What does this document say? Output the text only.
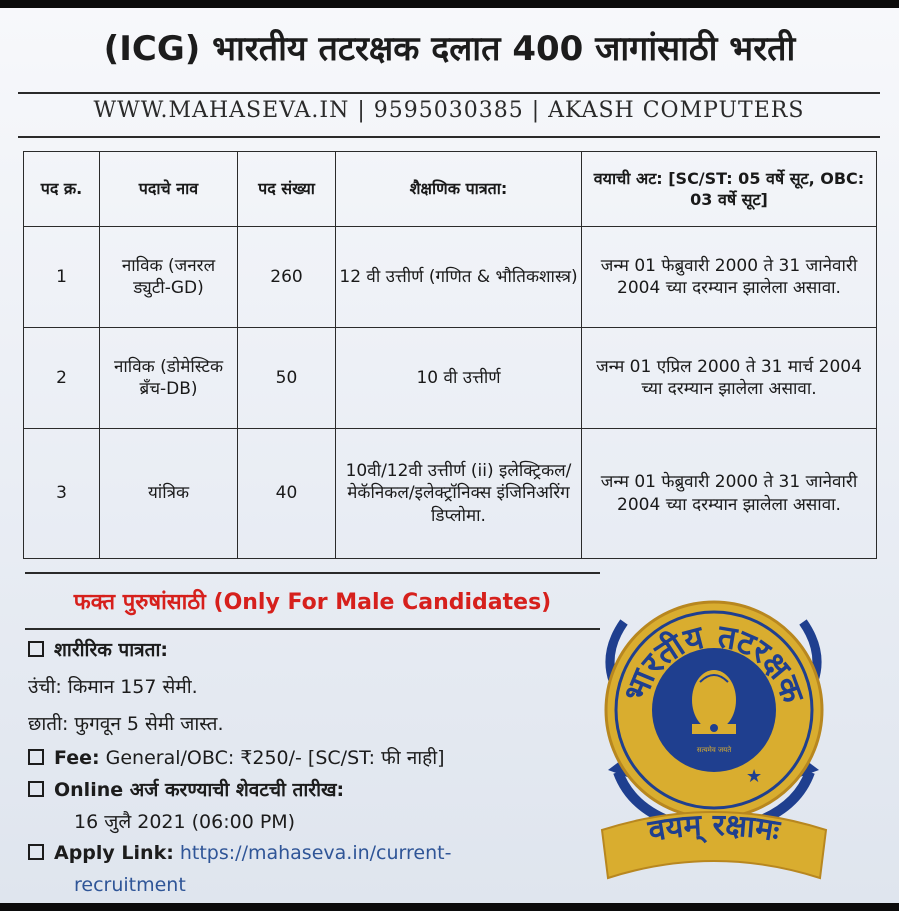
(ICG) भारतीय तटरक्षक दलात 400 जागांसाठी भरती
WWW.MAHASEVA.IN | 9595030385 | AKASH COMPUTERS
पद क्र.	पदाचे नाव	पद संख्या	शैक्षणिक पात्रता:	वयाची अट: [SC/ST: 05 वर्षे सूट, OBC: 03 वर्षे सूट]
1	नाविक (जनरल ड्युटी-GD)	260	12 वी उत्तीर्ण (गणित & भौतिकशास्त्र)	जन्म 01 फेब्रुवारी 2000 ते 31 जानेवारी 2004 च्या दरम्यान झालेला असावा.
2	नाविक (डोमेस्टिक ब्रँच-DB)	50	10 वी उत्तीर्ण	जन्म 01 एप्रिल 2000 ते 31 मार्च 2004 च्या दरम्यान झालेला असावा.
3	यांत्रिक	40	10वी/12वी उत्तीर्ण (ii) इलेक्ट्रिकल/मेकॅनिकल/इलेक्ट्रॉनिक्स इंजिनिअरिंग डिप्लोमा.	जन्म 01 फेब्रुवारी 2000 ते 31 जानेवारी 2004 च्या दरम्यान झालेला असावा.
फक्त पुरुषांसाठी (Only For Male Candidates)
शारीरिक पात्रता:
उंची: किमान 157 सेमी.
छाती: फुगवून 5 सेमी जास्त.
Fee: General/OBC: ₹250/- [SC/ST: फी नाही]
Online अर्ज करण्याची शेवटची तारीख:
16 जुलै 2021 (06:00 PM)
Apply Link: https://mahaseva.in/current-
recruitment
भारतीय तटरक्षक
सत्यमेव जयते
★
वयम् रक्षामः
